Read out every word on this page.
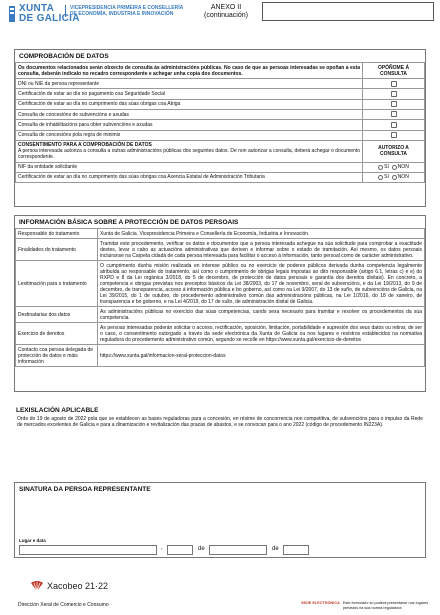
XUNTA
DE GALICIA
VICEPRESIDENCIA PRIMEIRA E CONSELLERÍA DE ECONOMÍA, INDUSTRIA E INNOVACIÓN
ANEXO II
(continuación)
COMPROBACIÓN DE DATOS
Os documentos relacionados serán obxecto de consulta ás administracións públicas. No caso de que as persoas interesadas se opoñan a esta consulta, deberán indicalo no recadro correspondente e achegar unha copia dos documentos.	OPÓÑOME Á CONSULTA
DNI ou NIE da persoa representante	
Certificación de estar ao día no pagamento coa Seguridade Social	
Certificación de estar ao día no cumprimento das súas obrigas coa Atriga	
Consulta de concesións de subvencións e axudas	
Consulta de inhabilitacións para obter subvencións e axudas	
Consulta de concesións pola regra de minimis	

CONSENTIMENTO PARA A COMPROBACIÓN DE DATOS
A persoa interesada autoriza a consulta a outras administracións públicas dos seguintes datos. De non autorizar a consulta, deberá achegar o documento correspondente.	AUTORIZO A CONSULTA
NIF da entidade solicitante	SI NON
Certificación de estar ao día no cumprimento das súas obrigas coa Axencia Estatal de Administración Tributaria	SI NON
INFORMACIÓN BÁSICA SOBRE A PROTECCIÓN DE DATOS PERSOAIS
Responsable do tratamento	Xunta de Galicia. Vicepresidencia Primeira e Consellería de Economía, Industria e Innovación.
Finalidades do tratamento	Tramitar este procedemento, verificar os datos e documentos que a persoa interesada achegue na súa solicitude para comprobar a exactitude destes, levar a cabo as actuacións administrativas que deriven e informar sobre o estado de tramitación. Así mesmo, os datos persoais incluiranse na Carpeta cidadá de cada persoa interesada para facilitar o acceso á información, tanto persoal como de carácter administrativo.
Lexitimación para o tratamento	O cumprimento dunha misión realizada en interese público ou no exercicio de poderes públicos derivada dunha competencia legalmente atribuída ao responsable do tratamento, así como o cumprimento de obrigas legais impostas ao dito responsable (artigo 6.1, letras c) e e) do RXPD e 8 da Lei orgánica 3/2018, do 5 de decembro, de protección de datos persoais e garantía dos dereitos dixitais). En concreto, a competencia e obrigas previstas nos preceptos básicos da Lei 38/2003, do 17 de novembro, xeral de subvencións, e da Lei 19/2013, do 9 de decembro, de transparencia, acceso á información pública e bo goberno, así como na Lei 9/2007, do 13 de xuño, de subvencións de Galicia, na Lei 39/2015, do 1 de outubro, do procedemento administrativo común das administracións públicas, na Lei 1/2016, do 18 de xaneiro, de transparencia e bo goberno, e na Lei 4/2019, do 17 de xullo, de administración dixital de Galicia.
Destinatarias dos datos	As administracións públicas no exercicio das súas competencias, cando sexa necesario para tramitar e resolver os procedementos da súa competencia.
Exercicio de dereitos	As persoas interesadas poderán solicitar o acceso, rectificación, oposición, limitación, portabilidade e supresión dos seus datos ou retirar, de ser o caso, o consentimento outorgado a través da sede electrónica da Xunta de Galicia ou nos lugares e rexistros establecidos na normativa reguladora do procedemento administrativo común, segundo se recolle en https://www.xunta.gal/exercicio-de-dereitos
Contacto coa persoa delegada de protección de datos e máis información	https://www.xunta.gal/informacion-xeral-proteccion-datos
LEXISLACIÓN APLICABLE
Orde do 19 de agosto de 2022 pola que se establecen as bases reguladoras para a concesión, en réxime de concorrencia non competitiva, de subvencións para o impulso da Rede de mercados excelentes de Galicia e para a dinamización e revitalización das prazas de abastos, e se convocan para o ano 2022 (código de procedemento IN223A).
SINATURA DA PERSOA REPRESENTANTE
Lugar e data
,	de	de
Xacobeo 21·22
Dirección Xeral de Comercio e Consumo	SEDE ELECTRÓNICA Este formulario só poderá presentarse nos lugares previstos na súa norma reguladora
